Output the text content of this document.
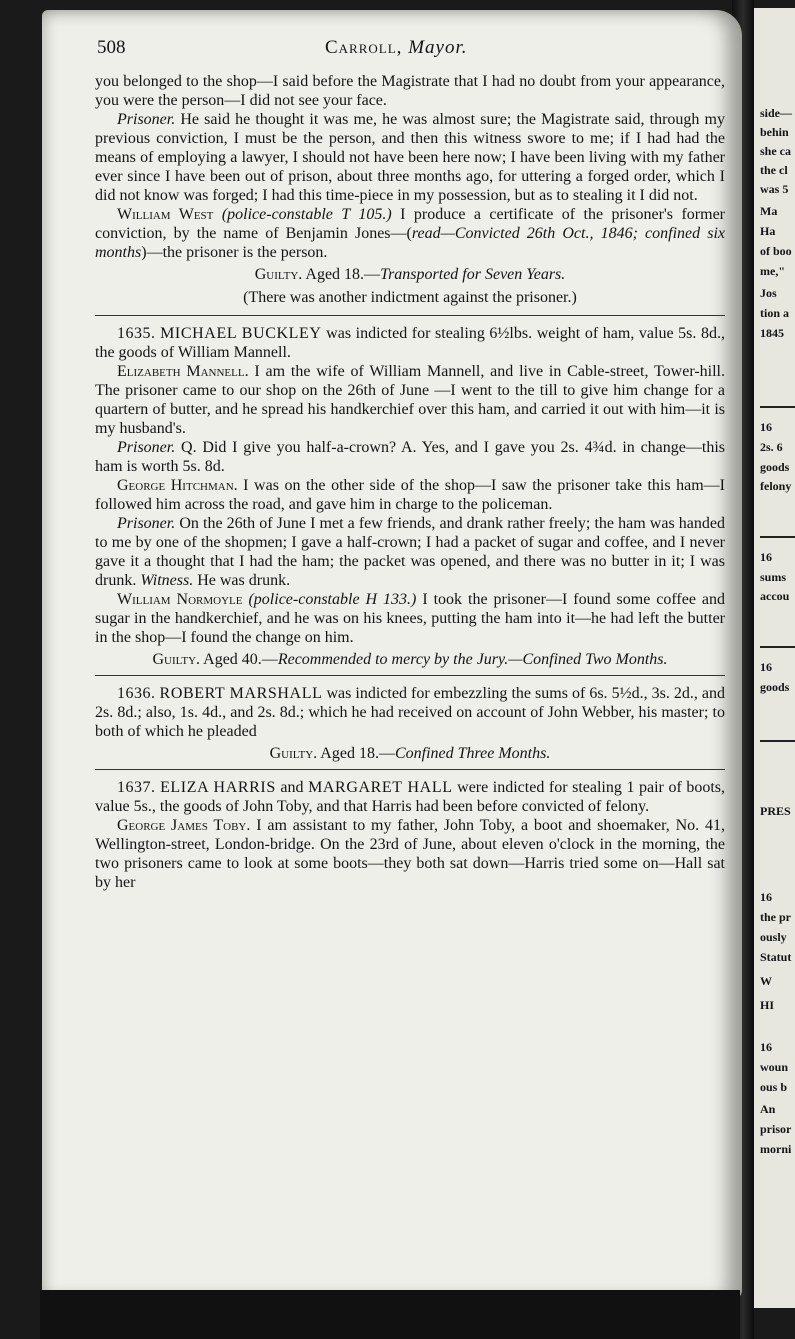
side—
behin
she ca
the cl
was 5
Ma
Ha
of boo
me,"
Jos
tion a
1845
16
2s. 6
goods
felony
16
sums
accou
16
goods
PRES
16
the pr
ously
Statut
W
HI
16
woun
ous b
An
prisor
morni
508	Carroll, Mayor.

you belonged to the shop—I said before the Magistrate that I had no doubt from your appearance, you were the person—I did not see your face.

Prisoner. He said he thought it was me, he was almost sure; the Magistrate said, through my previous conviction, I must be the person, and then this witness swore to me; if I had had the means of employing a lawyer, I should not have been here now; I have been living with my father ever since I have been out of prison, about three months ago, for uttering a forged order, which I did not know was forged; I had this time-piece in my possession, but as to stealing it I did not.

William West (police-constable T 105.) I produce a certificate of the prisoner's former conviction, by the name of Benjamin Jones—(read—Convicted 26th Oct., 1846; confined six months)—the prisoner is the person.

Guilty. Aged 18.—Transported for Seven Years.

(There was another indictment against the prisoner.)

1635. MICHAEL BUCKLEY was indicted for stealing 6½lbs. weight of ham, value 5s. 8d., the goods of William Mannell.

Elizabeth Mannell. I am the wife of William Mannell, and live in Cable-street, Tower-hill. The prisoner came to our shop on the 26th of June —I went to the till to give him change for a quartern of butter, and he spread his handkerchief over this ham, and carried it out with him—it is my husband's.

Prisoner. Q. Did I give you half-a-crown? A. Yes, and I gave you 2s. 4¾d. in change—this ham is worth 5s. 8d.

George Hitchman. I was on the other side of the shop—I saw the prisoner take this ham—I followed him across the road, and gave him in charge to the policeman.

Prisoner. On the 26th of June I met a few friends, and drank rather freely; the ham was handed to me by one of the shopmen; I gave a half-crown; I had a packet of sugar and coffee, and I never gave it a thought that I had the ham; the packet was opened, and there was no butter in it; I was drunk. Witness. He was drunk.

William Normoyle (police-constable H 133.) I took the prisoner—I found some coffee and sugar in the handkerchief, and he was on his knees, putting the ham into it—he had left the butter in the shop—I found the change on him.

Guilty. Aged 40.—Recommended to mercy by the Jury.—Confined Two Months.

1636. ROBERT MARSHALL was indicted for embezzling the sums of 6s. 5½d., 3s. 2d., and 2s. 8d.; also, 1s. 4d., and 2s. 8d.; which he had received on account of John Webber, his master; to both of which he pleaded

Guilty. Aged 18.—Confined Three Months.

1637. ELIZA HARRIS and MARGARET HALL were indicted for stealing 1 pair of boots, value 5s., the goods of John Toby, and that Harris had been before convicted of felony.

George James Toby. I am assistant to my father, John Toby, a boot and shoemaker, No. 41, Wellington-street, London-bridge. On the 23rd of June, about eleven o'clock in the morning, the two prisoners came to look at some boots—they both sat down—Harris tried some on—Hall sat by her
